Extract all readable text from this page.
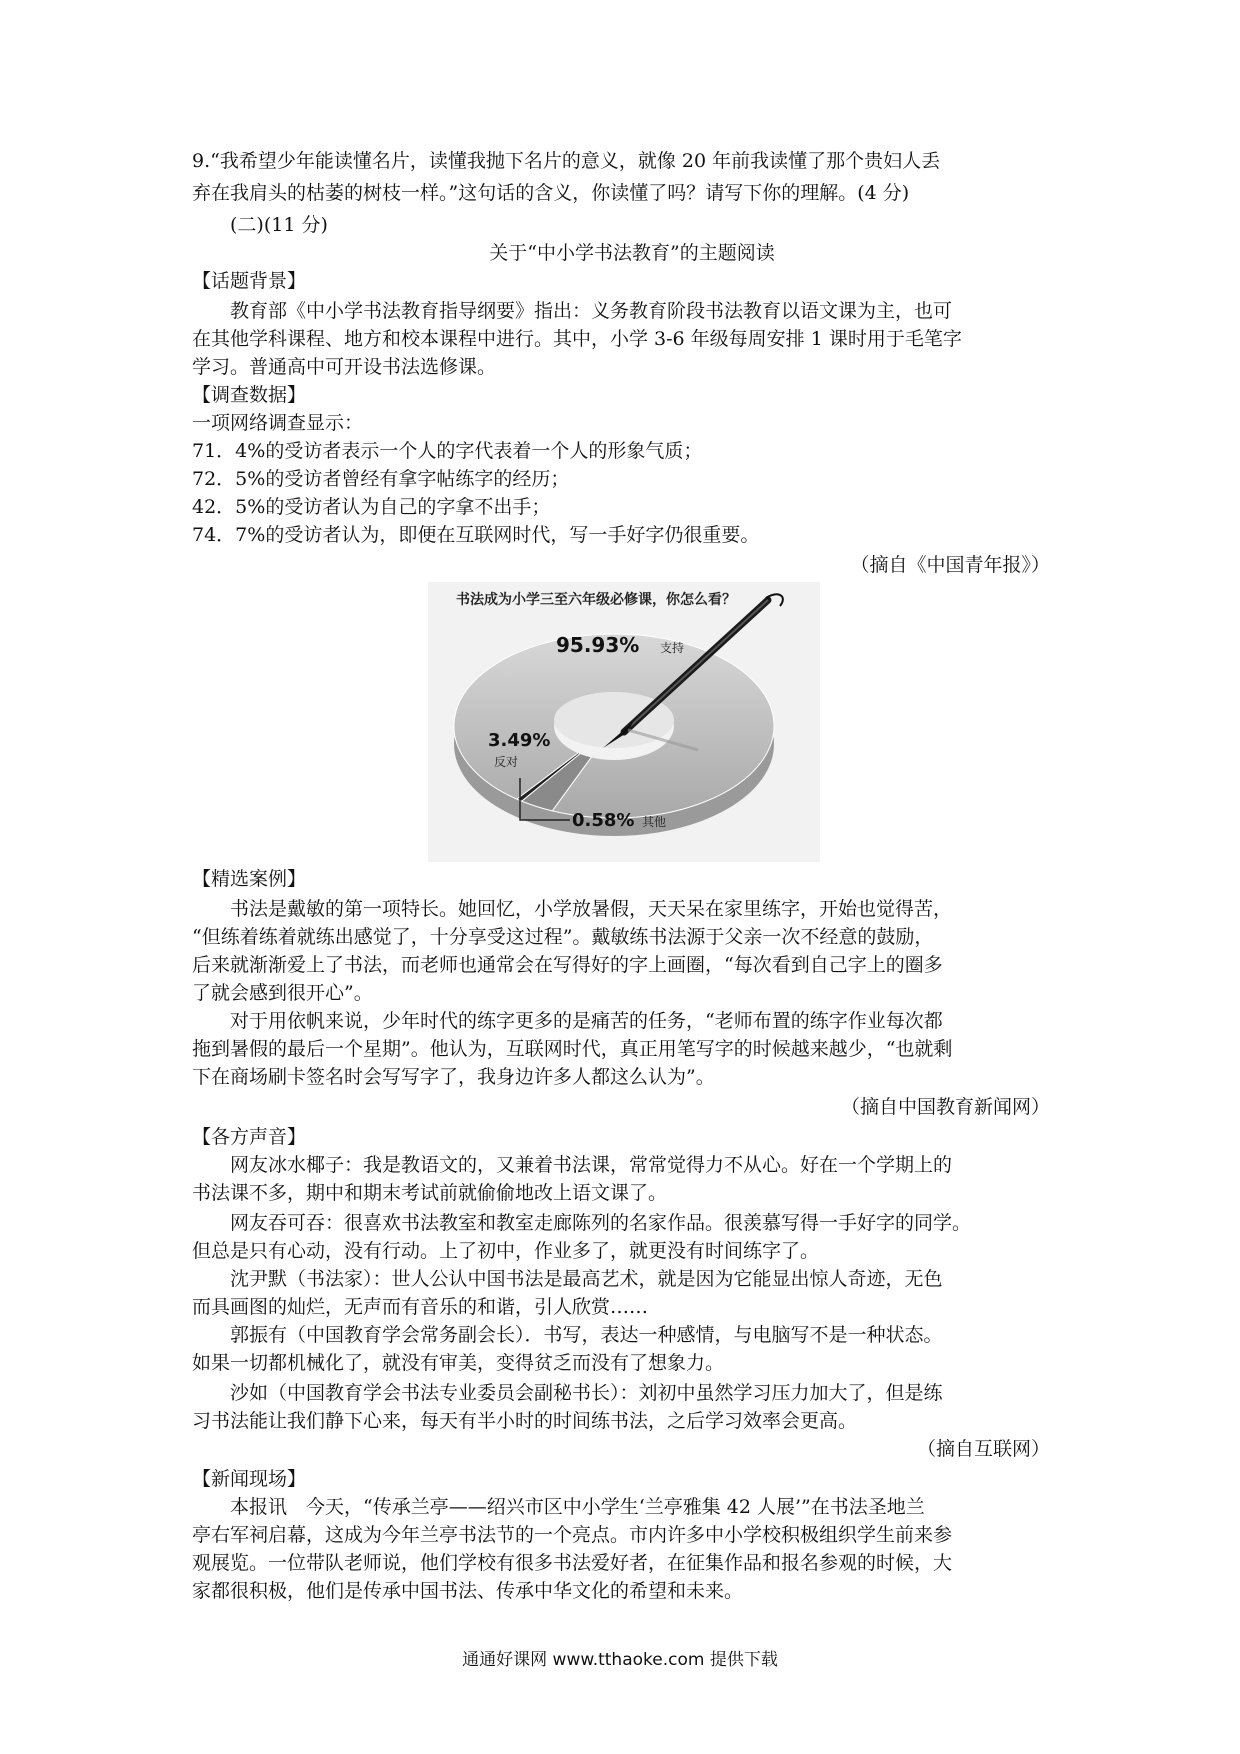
9.“我希望少年能读懂名片，读懂我抛下名片的意义，就像 20 年前我读懂了那个贵妇人丢
弃在我肩头的枯萎的树枝一样。”这句话的含义，你读懂了吗？请写下你的理解。(4 分)
(二)(11 分)
关于“中小学书法教育”的主题阅读
【话题背景】
教育部《中小学书法教育指导纲要》指出：义务教育阶段书法教育以语文课为主，也可
在其他学科课程、地方和校本课程中进行。其中，小学 3-6 年级每周安排 1 课时用于毛笔字
学习。普通高中可开设书法选修课。
【调查数据】
一项网络调查显示：
71．4%的受访者表示一个人的字代表着一个人的形象气质；
72．5%的受访者曾经有拿字帖练字的经历；
42．5%的受访者认为自己的字拿不出手；
74．7%的受访者认为，即便在互联网时代，写一手好字仍很重要。
（摘自《中国青年报》）
书法成为小学三至六年级必修课，你怎么看？
95.93% 支持
3.49%
反对
0.58% 其他
【精选案例】
书法是戴敏的第一项特长。她回忆，小学放暑假，天天呆在家里练字，开始也觉得苦，
“但练着练着就练出感觉了，十分享受这过程”。戴敏练书法源于父亲一次不经意的鼓励，
后来就渐渐爱上了书法，而老师也通常会在写得好的字上画圈，“每次看到自己字上的圈多
了就会感到很开心”。
对于用依帆来说，少年时代的练字更多的是痛苦的任务，“老师布置的练字作业每次都
拖到暑假的最后一个星期”。他认为，互联网时代，真正用笔写字的时候越来越少，“也就剩
下在商场刷卡签名时会写写字了，我身边许多人都这么认为”。
（摘自中国教育新闻网）
【各方声音】
网友冰水椰子：我是教语文的，又兼着书法课，常常觉得力不从心。好在一个学期上的
书法课不多，期中和期末考试前就偷偷地改上语文课了。
网友吞可吞：很喜欢书法教室和教室走廊陈列的名家作品。很羡慕写得一手好字的同学。
但总是只有心动，没有行动。上了初中，作业多了，就更没有时间练字了。
沈尹默（书法家）：世人公认中国书法是最高艺术，就是因为它能显出惊人奇迹，无色
而具画图的灿烂，无声而有音乐的和谐，引人欣赏……
郭振有（中国教育学会常务副会长）．书写，表达一种感情，与电脑写不是一种状态。
如果一切都机械化了，就没有审美，变得贫乏而没有了想象力。
沙如（中国教育学会书法专业委员会副秘书长）：刘初中虽然学习压力加大了，但是练
习书法能让我们静下心来，每天有半小时的时间练书法，之后学习效率会更高。
（摘自互联网）
【新闻现场】
本报讯　今天，“传承兰亭——绍兴市区中小学生‘兰亭雅集 42 人展’”在书法圣地兰
亭右军祠启幕，这成为今年兰亭书法节的一个亮点。市内许多中小学校积极组织学生前来参
观展览。一位带队老师说，他们学校有很多书法爱好者，在征集作品和报名参观的时候，大
家都很积极，他们是传承中国书法、传承中华文化的希望和未来。
通通好课网 www.tthaoke.com 提供下载
